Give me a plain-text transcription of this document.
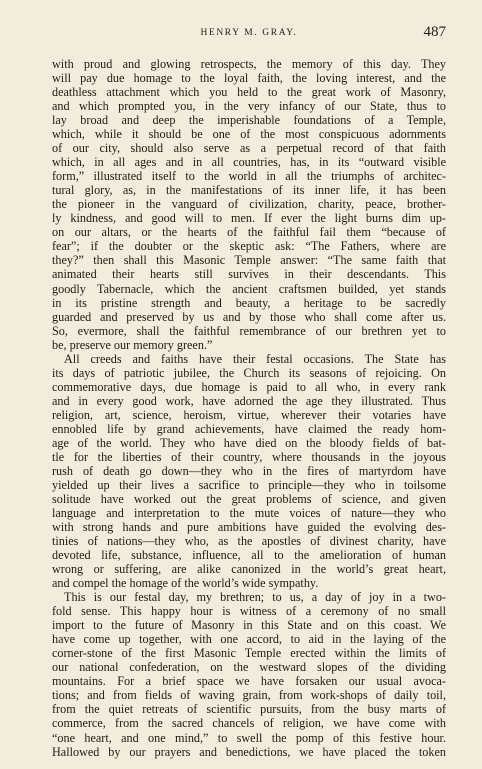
HENRY M. GRAY.	487
with proud and glowing retrospects, the memory of this day. They
will pay due homage to the loyal faith, the loving interest, and the
deathless attachment which you held to the great work of Masonry,
and which prompted you, in the very infancy of our State, thus to
lay broad and deep the imperishable foundations of a Temple,
which, while it should be one of the most conspicuous adornments
of our city, should also serve as a perpetual record of that faith
which, in all ages and in all countries, has, in its “outward visible
form,” illustrated itself to the world in all the triumphs of architec-
tural glory, as, in the manifestations of its inner life, it has been
the pioneer in the vanguard of civilization, charity, peace, brother-
ly kindness, and good will to men. If ever the light burns dim up-
on our altars, or the hearts of the faithful fail them “because of
fear”; if the doubter or the skeptic ask: “The Fathers, where are
they?” then shall this Masonic Temple answer: “The same faith that
animated their hearts still survives in their descendants. This
goodly Tabernacle, which the ancient craftsmen builded, yet stands
in its pristine strength and beauty, a heritage to be sacredly
guarded and preserved by us and by those who shall come after us.
So, evermore, shall the faithful remembrance of our brethren yet to
be, preserve our memory green.”
All creeds and faiths have their festal occasions. The State has
its days of patriotic jubilee, the Church its seasons of rejoicing. On
commemorative days, due homage is paid to all who, in every rank
and in every good work, have adorned the age they illustrated. Thus
religion, art, science, heroism, virtue, wherever their votaries have
ennobled life by grand achievements, have claimed the ready hom-
age of the world. They who have died on the bloody fields of bat-
tle for the liberties of their country, where thousands in the joyous
rush of death go down—they who in the fires of martyrdom have
yielded up their lives a sacrifice to principle—they who in toilsome
solitude have worked out the great problems of science, and given
language and interpretation to the mute voices of nature—they who
with strong hands and pure ambitions have guided the evolving des-
tinies of nations—they who, as the apostles of divinest charity, have
devoted life, substance, influence, all to the amelioration of human
wrong or suffering, are alike canonized in the world’s great heart,
and compel the homage of the world’s wide sympathy.
This is our festal day, my brethren; to us, a day of joy in a two-
fold sense. This happy hour is witness of a ceremony of no small
import to the future of Masonry in this State and on this coast. We
have come up together, with one accord, to aid in the laying of the
corner-stone of the first Masonic Temple erected within the limits of
our national confederation, on the westward slopes of the dividing
mountains. For a brief space we have forsaken our usual avoca-
tions; and from fields of waving grain, from work-shops of daily toil,
from the quiet retreats of scientific pursuits, from the busy marts of
commerce, from the sacred chancels of religion, we have come with
“one heart, and one mind,” to swell the pomp of this festive hour.
Hallowed by our prayers and benedictions, we have placed the token
